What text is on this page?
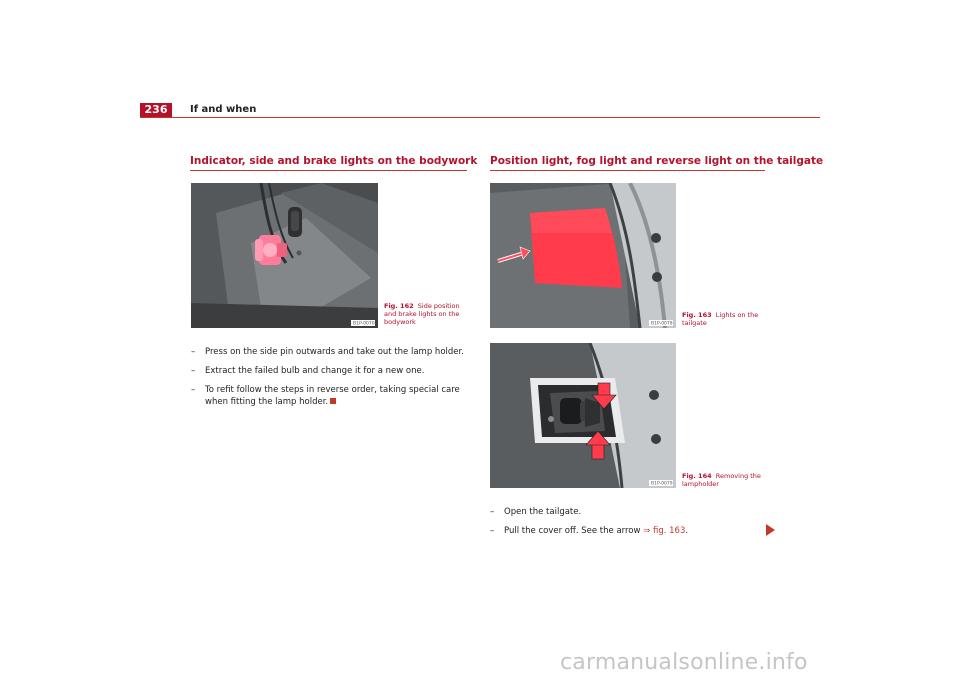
236	If and when
Indicator, side and brake lights on the bodywork
B1P-0070
Fig. 162 Side position and brake lights on the bodywork
– Press on the side pin outwards and take out the lamp holder.
– Extract the failed bulb and change it for a new one.
– To refit follow the steps in reverse order, taking special care when fitting the lamp holder.
Position light, fog light and reverse light on the tailgate
B1P-0078
B1P-0079
Fig. 163 Lights on the tailgate
Fig. 164 Removing the lampholder
– Open the tailgate.
– Pull the cover off. See the arrow ⇒ fig. 163.
carmanualsonline.info
